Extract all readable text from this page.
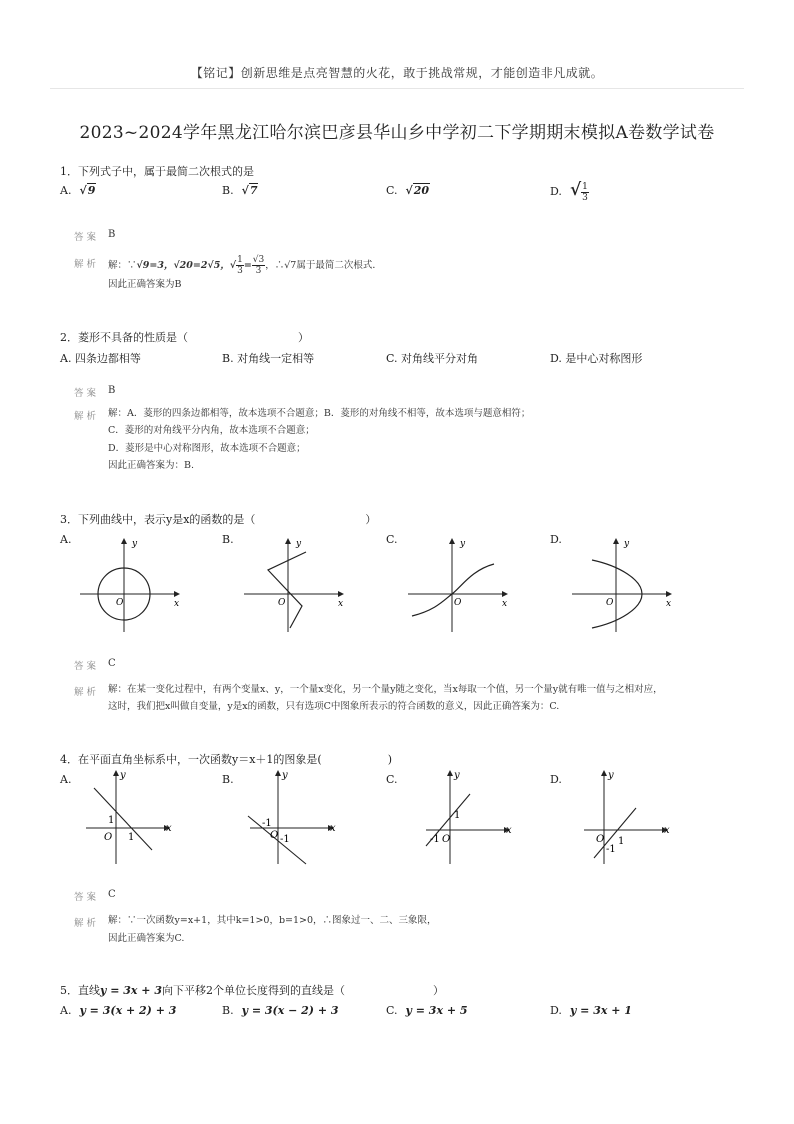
【铭记】创新思维是点亮智慧的火花，敢于挑战常规，才能创造非凡成就。
2023~2024学年黑龙江哈尔滨巴彦县华山乡中学初二下学期期末模拟A卷数学试卷
1．下列式子中，属于最简二次根式的是
A. √9	B. √7	C. √20	D. √ $\frac{1}{3}$
答案 B
解析 解：∵√9=3，√20=2√5，√ $\frac{1}{3} = \frac{√3}{3}$ ，∴√7属于最简二次根式．
因此正确答案为B
2．菱形不具备的性质是（　　　　　　　　　　）
A. 四条边都相等	B. 对角线一定相等	C. 对角线平分对角	D. 是中心对称图形
答案 B
解析 解：A．菱形的四条边都相等，故本选项不合题意；B．菱形的对角线不相等，故本选项与题意相符；
C．菱形的对角线平分内角，故本选项不合题意；
D．菱形是中心对称图形，故本选项不合题意；
因此正确答案为：B.
3．下列曲线中，表示y是x的函数的是（　　　　　　　　　　）
A.	B.	C.	D.
y
x
O
y
x
O
y
x
O
y
x
O
答案 C
解析 解：在某一变化过程中，有两个变量x、y，一个量x变化，另一个量y随之变化，当x每取一个值，另一个量y就有唯一值与之相对应，
这时，我们把x叫做自变量，y是x的函数，只有选项C中图象所表示的符合函数的意义，因此正确答案为：C.
4．在平面直角坐标系中，一次函数y＝x＋1的图象是(　　　　　　)
A.	B.	C.	D.
y
x
O
1
1
y
x
O
-1
-1
y
x
O
1
-1
y
x
O
-1
1
答案 C
解析 解：∵一次函数y=x+1，其中k=1>0，b=1>0，∴图象过一、二、三象限，
因此正确答案为C.
5．直线y = 3x + 3向下平移2个单位长度得到的直线是（　　　　　　　　）
A. y = 3(x + 2) + 3	B. y = 3(x − 2) + 3	C. y = 3x + 5	D. y = 3x + 1
